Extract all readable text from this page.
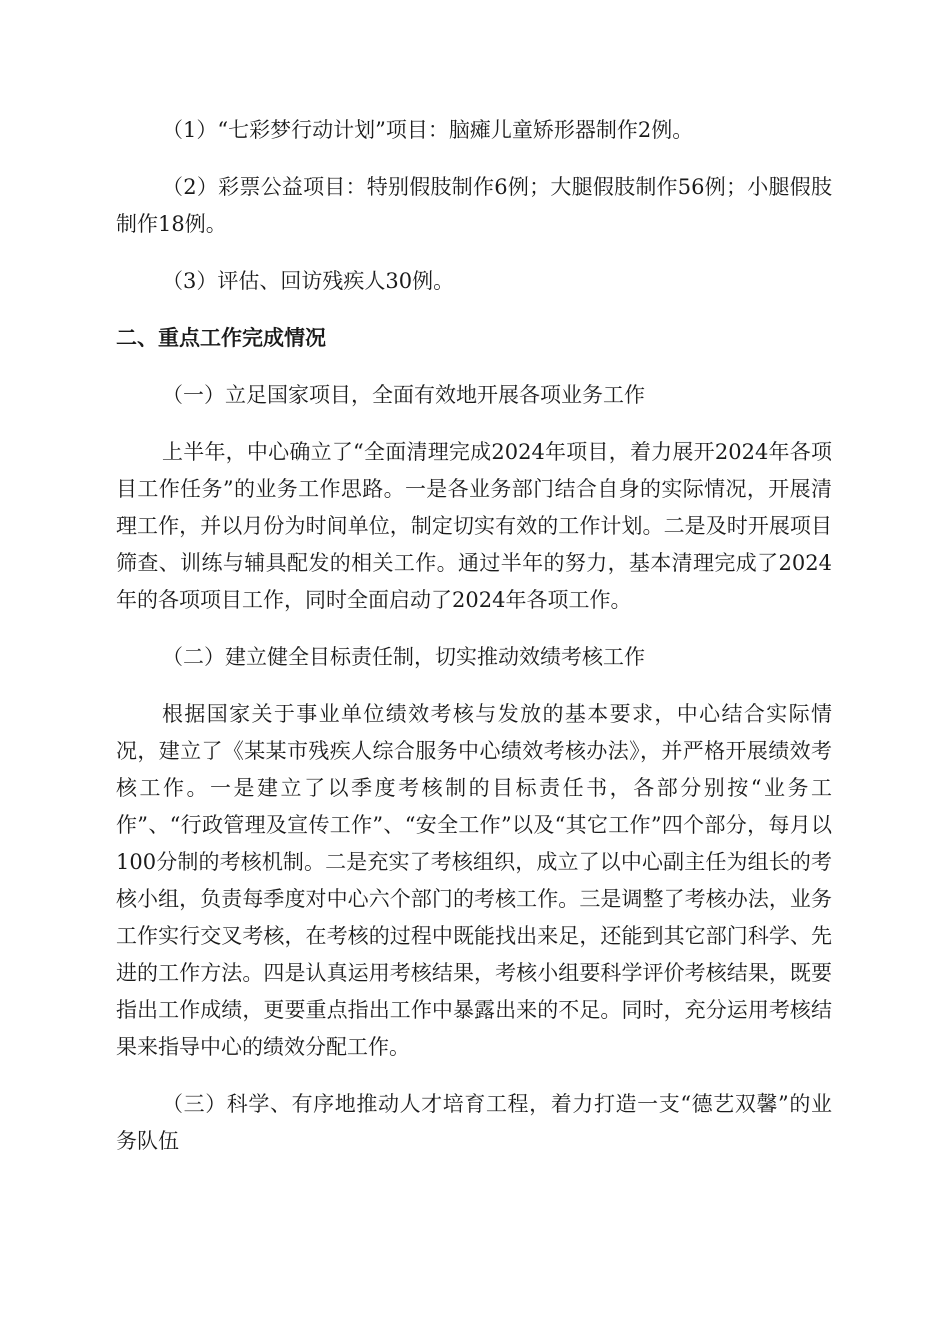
（1）“七彩梦行动计划”项目：脑瘫儿童矫形器制作2例。

（2）彩票公益项目：特别假肢制作6例；大腿假肢制作56例；小腿假肢制作18例。

（3）评估、回访残疾人30例。

二、重点工作完成情况

（一）立足国家项目，全面有效地开展各项业务工作

上半年，中心确立了“全面清理完成2024年项目，着力展开2024年各项目工作任务”的业务工作思路。一是各业务部门结合自身的实际情况，开展清理工作，并以月份为时间单位，制定切实有效的工作计划。二是及时开展项目筛查、训练与辅具配发的相关工作。通过半年的努力，基本清理完成了2024年的各项项目工作，同时全面启动了2024年各项工作。

（二）建立健全目标责任制，切实推动效绩考核工作

根据国家关于事业单位绩效考核与发放的基本要求，中心结合实际情况，建立了《某某市残疾人综合服务中心绩效考核办法》，并严格开展绩效考核工作。一是建立了以季度考核制的目标责任书，各部分别按“业务工作”、“行政管理及宣传工作”、“安全工作”以及“其它工作”四个部分，每月以100分制的考核机制。二是充实了考核组织，成立了以中心副主任为组长的考核小组，负责每季度对中心六个部门的考核工作。三是调整了考核办法，业务工作实行交叉考核，在考核的过程中既能找出来足，还能到其它部门科学、先进的工作方法。四是认真运用考核结果，考核小组要科学评价考核结果，既要指出工作成绩，更要重点指出工作中暴露出来的不足。同时，充分运用考核结果来指导中心的绩效分配工作。

（三）科学、有序地推动人才培育工程，着力打造一支“德艺双馨”的业务队伍
